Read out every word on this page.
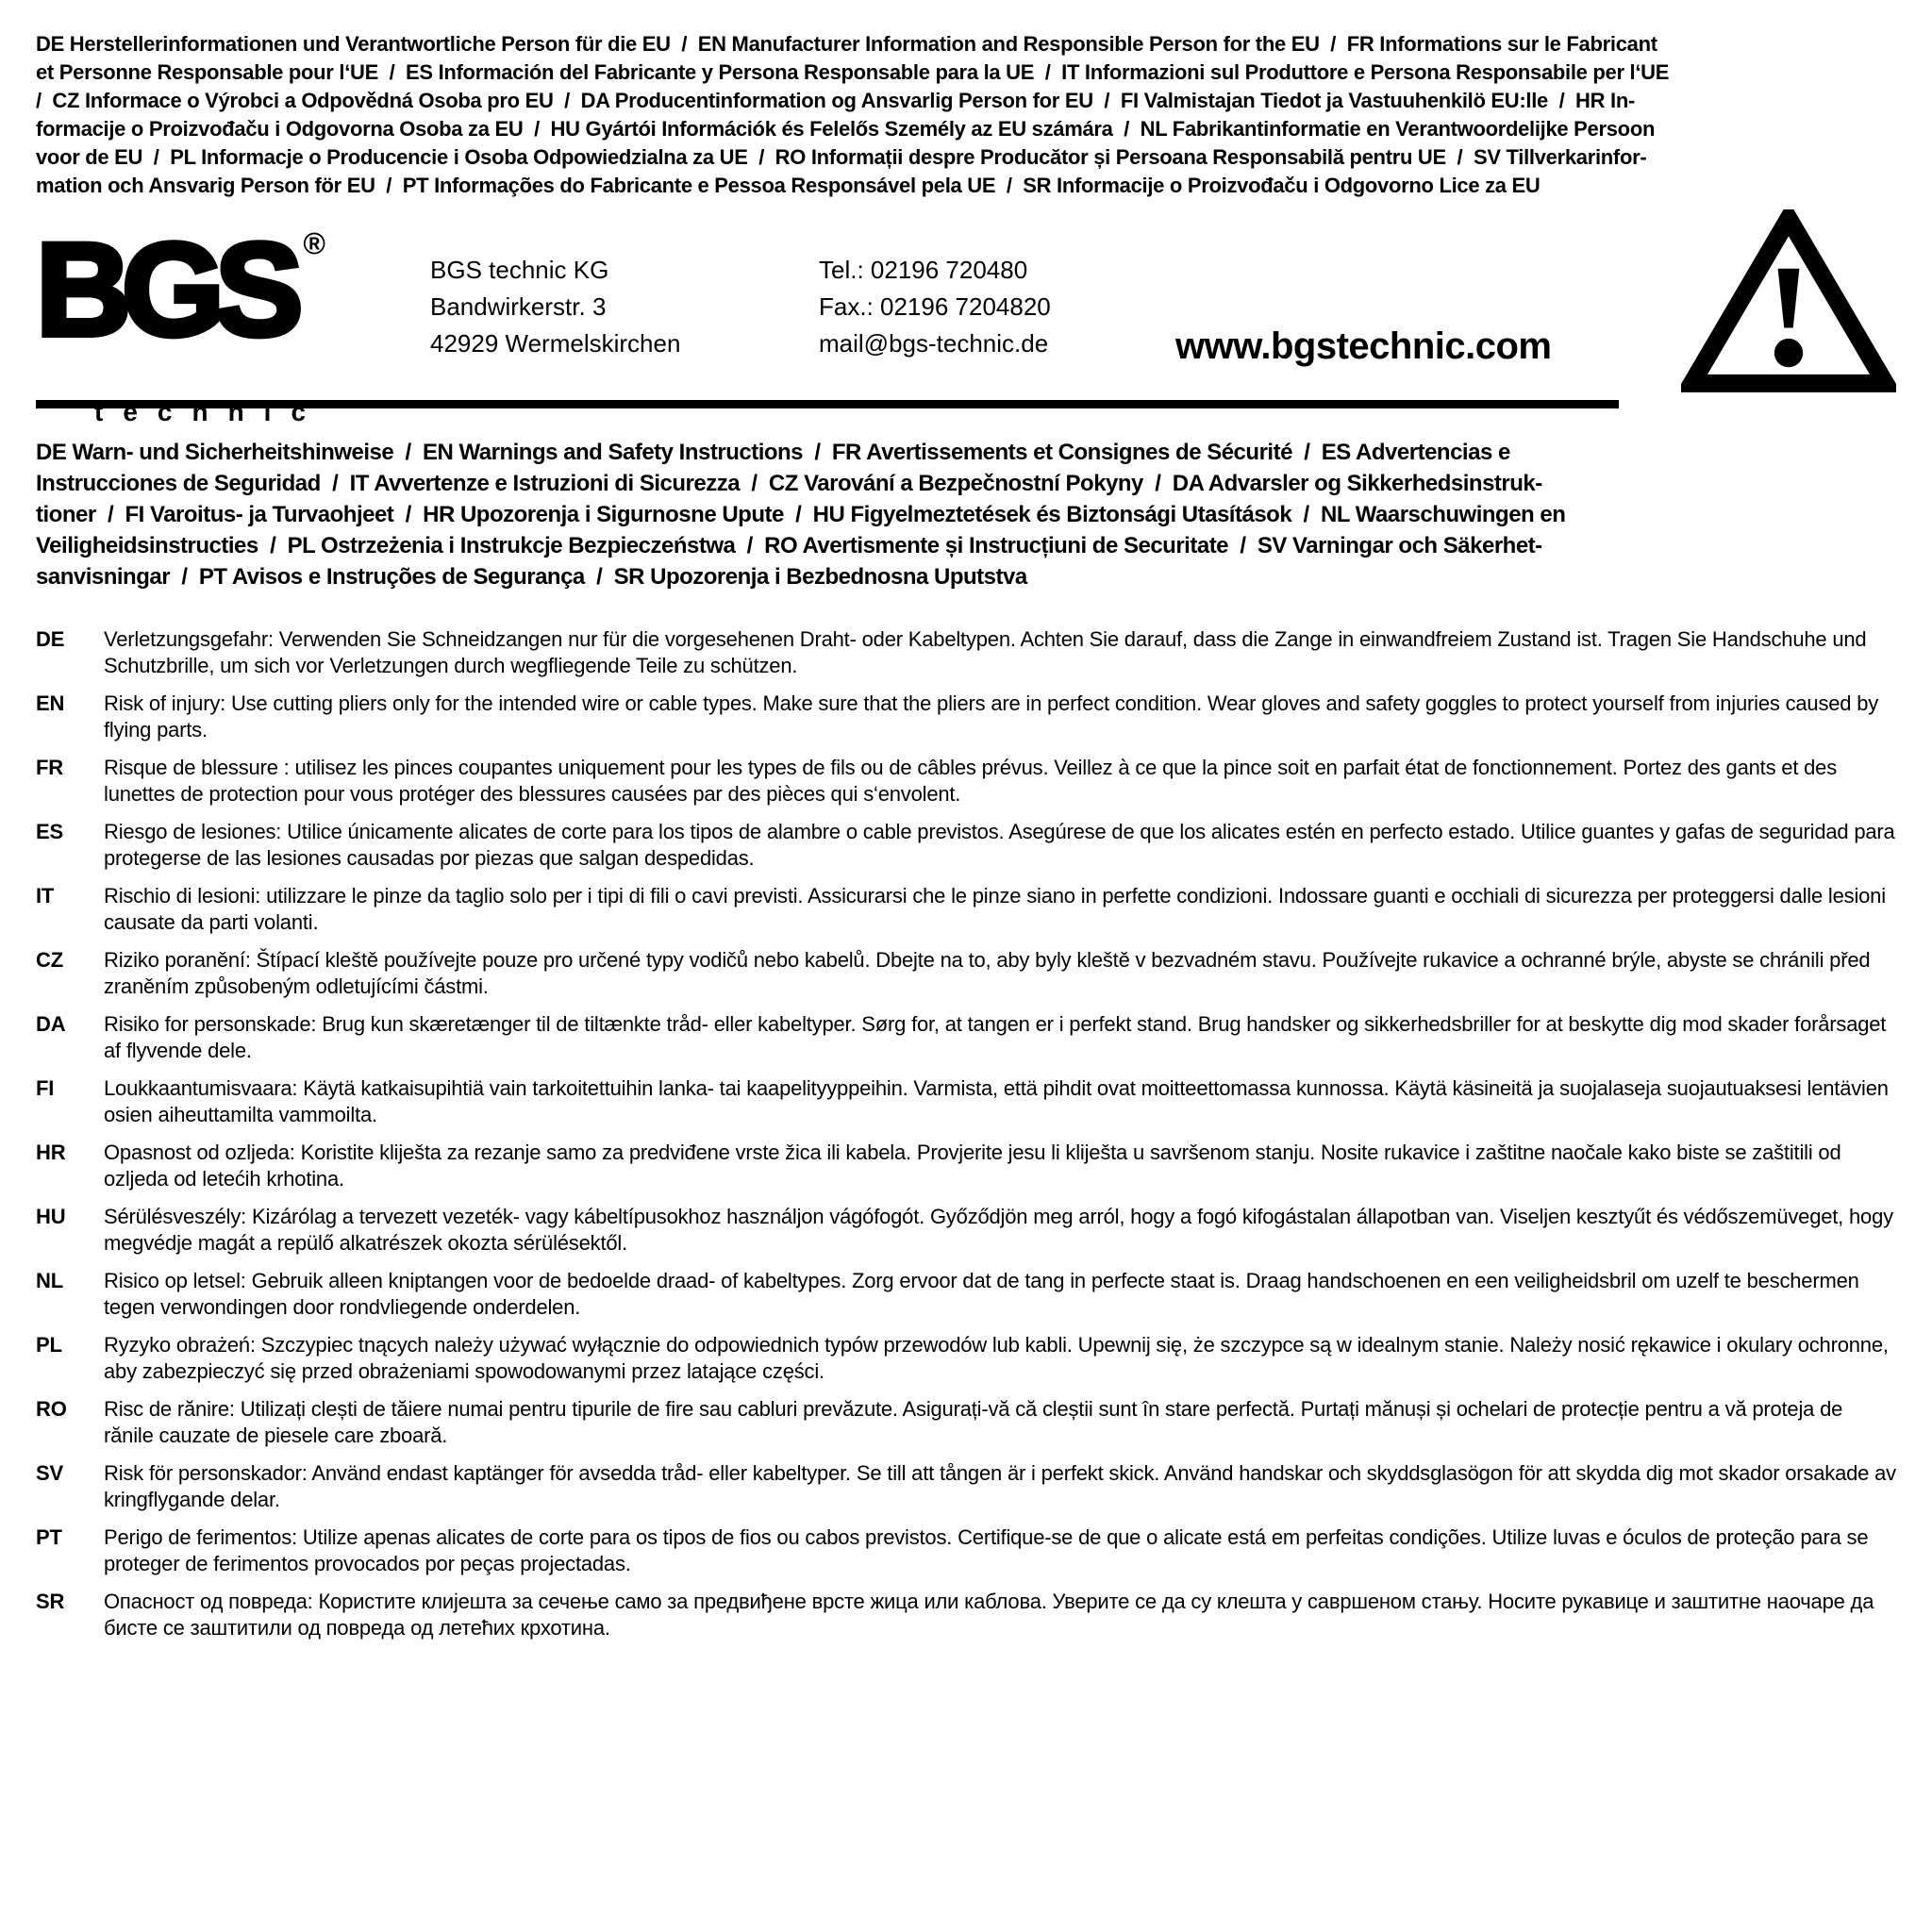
DE Herstellerinformationen und Verantwortliche Person für die EU  /  EN Manufacturer Information and Responsible Person for the EU  /  FR Informations sur le Fabricant
et Personne Responsable pour l‘UE  /  ES Información del Fabricante y Persona Responsable para la UE  /  IT Informazioni sul Produttore e Persona Responsabile per l‘UE
/  CZ Informace o Výrobci a Odpovědná Osoba pro EU  /  DA Producentinformation og Ansvarlig Person for EU  /  FI Valmistajan Tiedot ja Vastuuhenkilö EU:lle  /  HR In-
formacije o Proizvođaču i Odgovorna Osoba za EU  /  HU Gyártói Információk és Felelős Személy az EU számára  /  NL Fabrikantinformatie en Verantwoordelijke Persoon
voor de EU  /  PL Informacje o Producencie i Osoba Odpowiedzialna za UE  /  RO Informații despre Producător și Persoana Responsabilă pentru UE  /  SV Tillverkarinfor-
mation och Ansvarig Person för EU  /  PT Informações do Fabricante e Pessoa Responsável pela UE  /  SR Informacije o Proizvođaču i Odgovorno Lice za EU
BGS ®
technic
BGS technic KG
Bandwirkerstr. 3
42929 Wermelskirchen
Tel.: 02196 720480
Fax.: 02196 7204820
mail@bgs-technic.de	www.bgstechnic.com
DE Warn- und Sicherheitshinweise  /  EN Warnings and Safety Instructions  /  FR Avertissements et Consignes de Sécurité  /  ES Advertencias e
Instrucciones de Seguridad  /  IT Avvertenze e Istruzioni di Sicurezza  /  CZ Varování a Bezpečnostní Pokyny  /  DA Advarsler og Sikkerhedsinstruk-
tioner  /  FI Varoitus- ja Turvaohjeet  /  HR Upozorenja i Sigurnosne Upute  /  HU Figyelmeztetések és Biztonsági Utasítások  /  NL Waarschuwingen en
Veiligheidsinstructies  /  PL Ostrzeżenia i Instrukcje Bezpieczeństwa  /  RO Avertismente și Instrucțiuni de Securitate  /  SV Varningar och Säkerhet-
sanvisningar  /  PT Avisos e Instruções de Segurança  /  SR Upozorenja i Bezbednosna Uputstva
DE	Verletzungsgefahr: Verwenden Sie Schneidzangen nur für die vorgesehenen Draht- oder Kabeltypen. Achten Sie darauf, dass die Zange in einwandfreiem Zustand ist. Tragen Sie Handschuhe und Schutzbrille, um sich vor Verletzungen durch wegfliegende Teile zu schützen.
EN	Risk of injury: Use cutting pliers only for the intended wire or cable types. Make sure that the pliers are in perfect condition. Wear gloves and safety goggles to protect yourself from injuries caused by flying parts.
FR	Risque de blessure : utilisez les pinces coupantes uniquement pour les types de fils ou de câbles prévus. Veillez à ce que la pince soit en parfait état de fonctionnement. Portez des gants et des lunettes de protection pour vous protéger des blessures causées par des pièces qui s‘envolent.
ES	Riesgo de lesiones: Utilice únicamente alicates de corte para los tipos de alambre o cable previstos. Asegúrese de que los alicates estén en perfecto estado. Utilice guantes y gafas de seguridad para protegerse de las lesiones causadas por piezas que salgan despedidas.
IT	Rischio di lesioni: utilizzare le pinze da taglio solo per i tipi di fili o cavi previsti. Assicurarsi che le pinze siano in perfette condizioni. Indossare guanti e occhiali di sicurezza per proteggersi dalle lesioni causate da parti volanti.
CZ	Riziko poranění: Štípací kleště používejte pouze pro určené typy vodičů nebo kabelů. Dbejte na to, aby byly kleště v bezvadném stavu. Používejte rukavice a ochranné brýle, abyste se chránili před zraněním způsobeným odletujícími částmi.
DA	Risiko for personskade: Brug kun skæretænger til de tiltænkte tråd- eller kabeltyper. Sørg for, at tangen er i perfekt stand. Brug handsker og sikkerhedsbriller for at beskytte dig mod skader forårsaget af flyvende dele.
FI	Loukkaantumisvaara: Käytä katkaisupihtiä vain tarkoitettuihin lanka- tai kaapelityyppeihin. Varmista, että pihdit ovat moitteettomassa kunnossa. Käytä käsineitä ja suojalaseja suojautuaksesi lentävien osien aiheuttamilta vammoilta.
HR	Opasnost od ozljeda: Koristite kliješta za rezanje samo za predviđene vrste žica ili kabela. Provjerite jesu li kliješta u savršenom stanju. Nosite rukavice i zaštitne naočale kako biste se zaštitili od ozljeda od letećih krhotina.
HU	Sérülésveszély: Kizárólag a tervezett vezeték- vagy kábeltípusokhoz használjon vágófogót. Győződjön meg arról, hogy a fogó kifogástalan állapotban van. Viseljen kesztyűt és védőszemüveget, hogy megvédje magát a repülő alkatrészek okozta sérülésektől.
NL	Risico op letsel: Gebruik alleen kniptangen voor de bedoelde draad- of kabeltypes. Zorg ervoor dat de tang in perfecte staat is. Draag handschoenen en een veiligheidsbril om uzelf te beschermen tegen verwondingen door rondvliegende onderdelen.
PL	Ryzyko obrażeń: Szczypiec tnących należy używać wyłącznie do odpowiednich typów przewodów lub kabli. Upewnij się, że szczypce są w idealnym stanie. Należy nosić rękawice i okulary ochronne, aby zabezpieczyć się przed obrażeniami spowodowanymi przez latające części.
RO	Risc de rănire: Utilizați clești de tăiere numai pentru tipurile de fire sau cabluri prevăzute. Asigurați-vă că cleștii sunt în stare perfectă. Purtați mănuși și ochelari de protecție pentru a vă proteja de rănile cauzate de piesele care zboară.
SV	Risk för personskador: Använd endast kaptänger för avsedda tråd- eller kabeltyper. Se till att tången är i perfekt skick. Använd handskar och skyddsglasögon för att skydda dig mot skador orsakade av kringflygande delar.
PT	Perigo de ferimentos: Utilize apenas alicates de corte para os tipos de fios ou cabos previstos. Certifique-se de que o alicate está em perfeitas condições. Utilize luvas e óculos de proteção para se proteger de ferimentos provocados por peças projectadas.
SR	Опасност од повреда: Користите клијешта за сечење само за предвиђене врсте жица или каблова. Уверите се да су клешта у савршеном стању. Носите рукавице и заштитне наочаре да бисте се заштитили од повреда од летећих крхотина.
